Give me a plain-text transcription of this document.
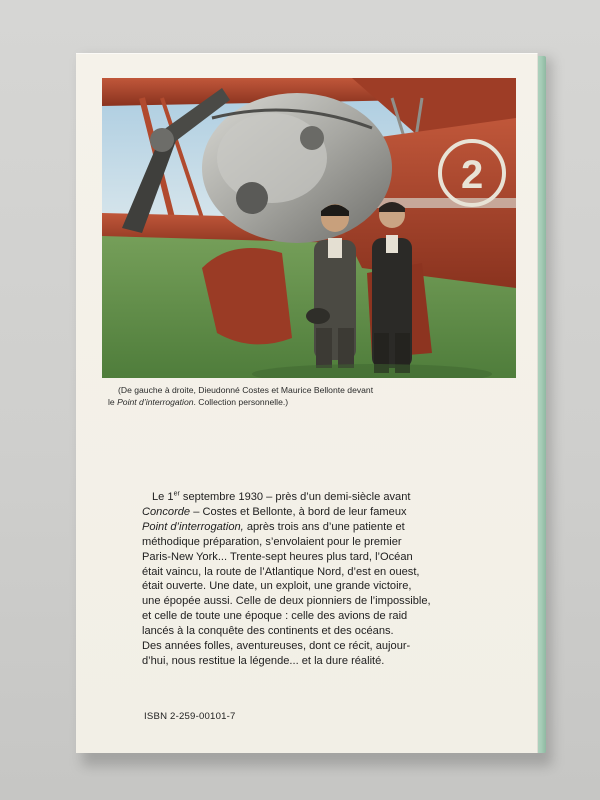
2
(De gauche à droite, Dieudonné Costes et Maurice Bellonte devant
le Point d’interrogation. Collection personnelle.)
Le 1er septembre 1930 – près d’un demi-siècle avant
Concorde – Costes et Bellonte, à bord de leur fameux
Point d’interrogation, après trois ans d’une patiente et
méthodique préparation, s’envolaient pour le premier
Paris-New York... Trente-sept heures plus tard, l’Océan
était vaincu, la route de l’Atlantique Nord, d’est en ouest,
était ouverte. Une date, un exploit, une grande victoire,
une épopée aussi. Celle de deux pionniers de l’impossible,
et celle de toute une époque : celle des avions de raid
lancés à la conquête des continents et des océans.
Des années folles, aventureuses, dont ce récit, aujour-
d’hui, nous restitue la légende... et la dure réalité.
ISBN 2-259-00101-7
